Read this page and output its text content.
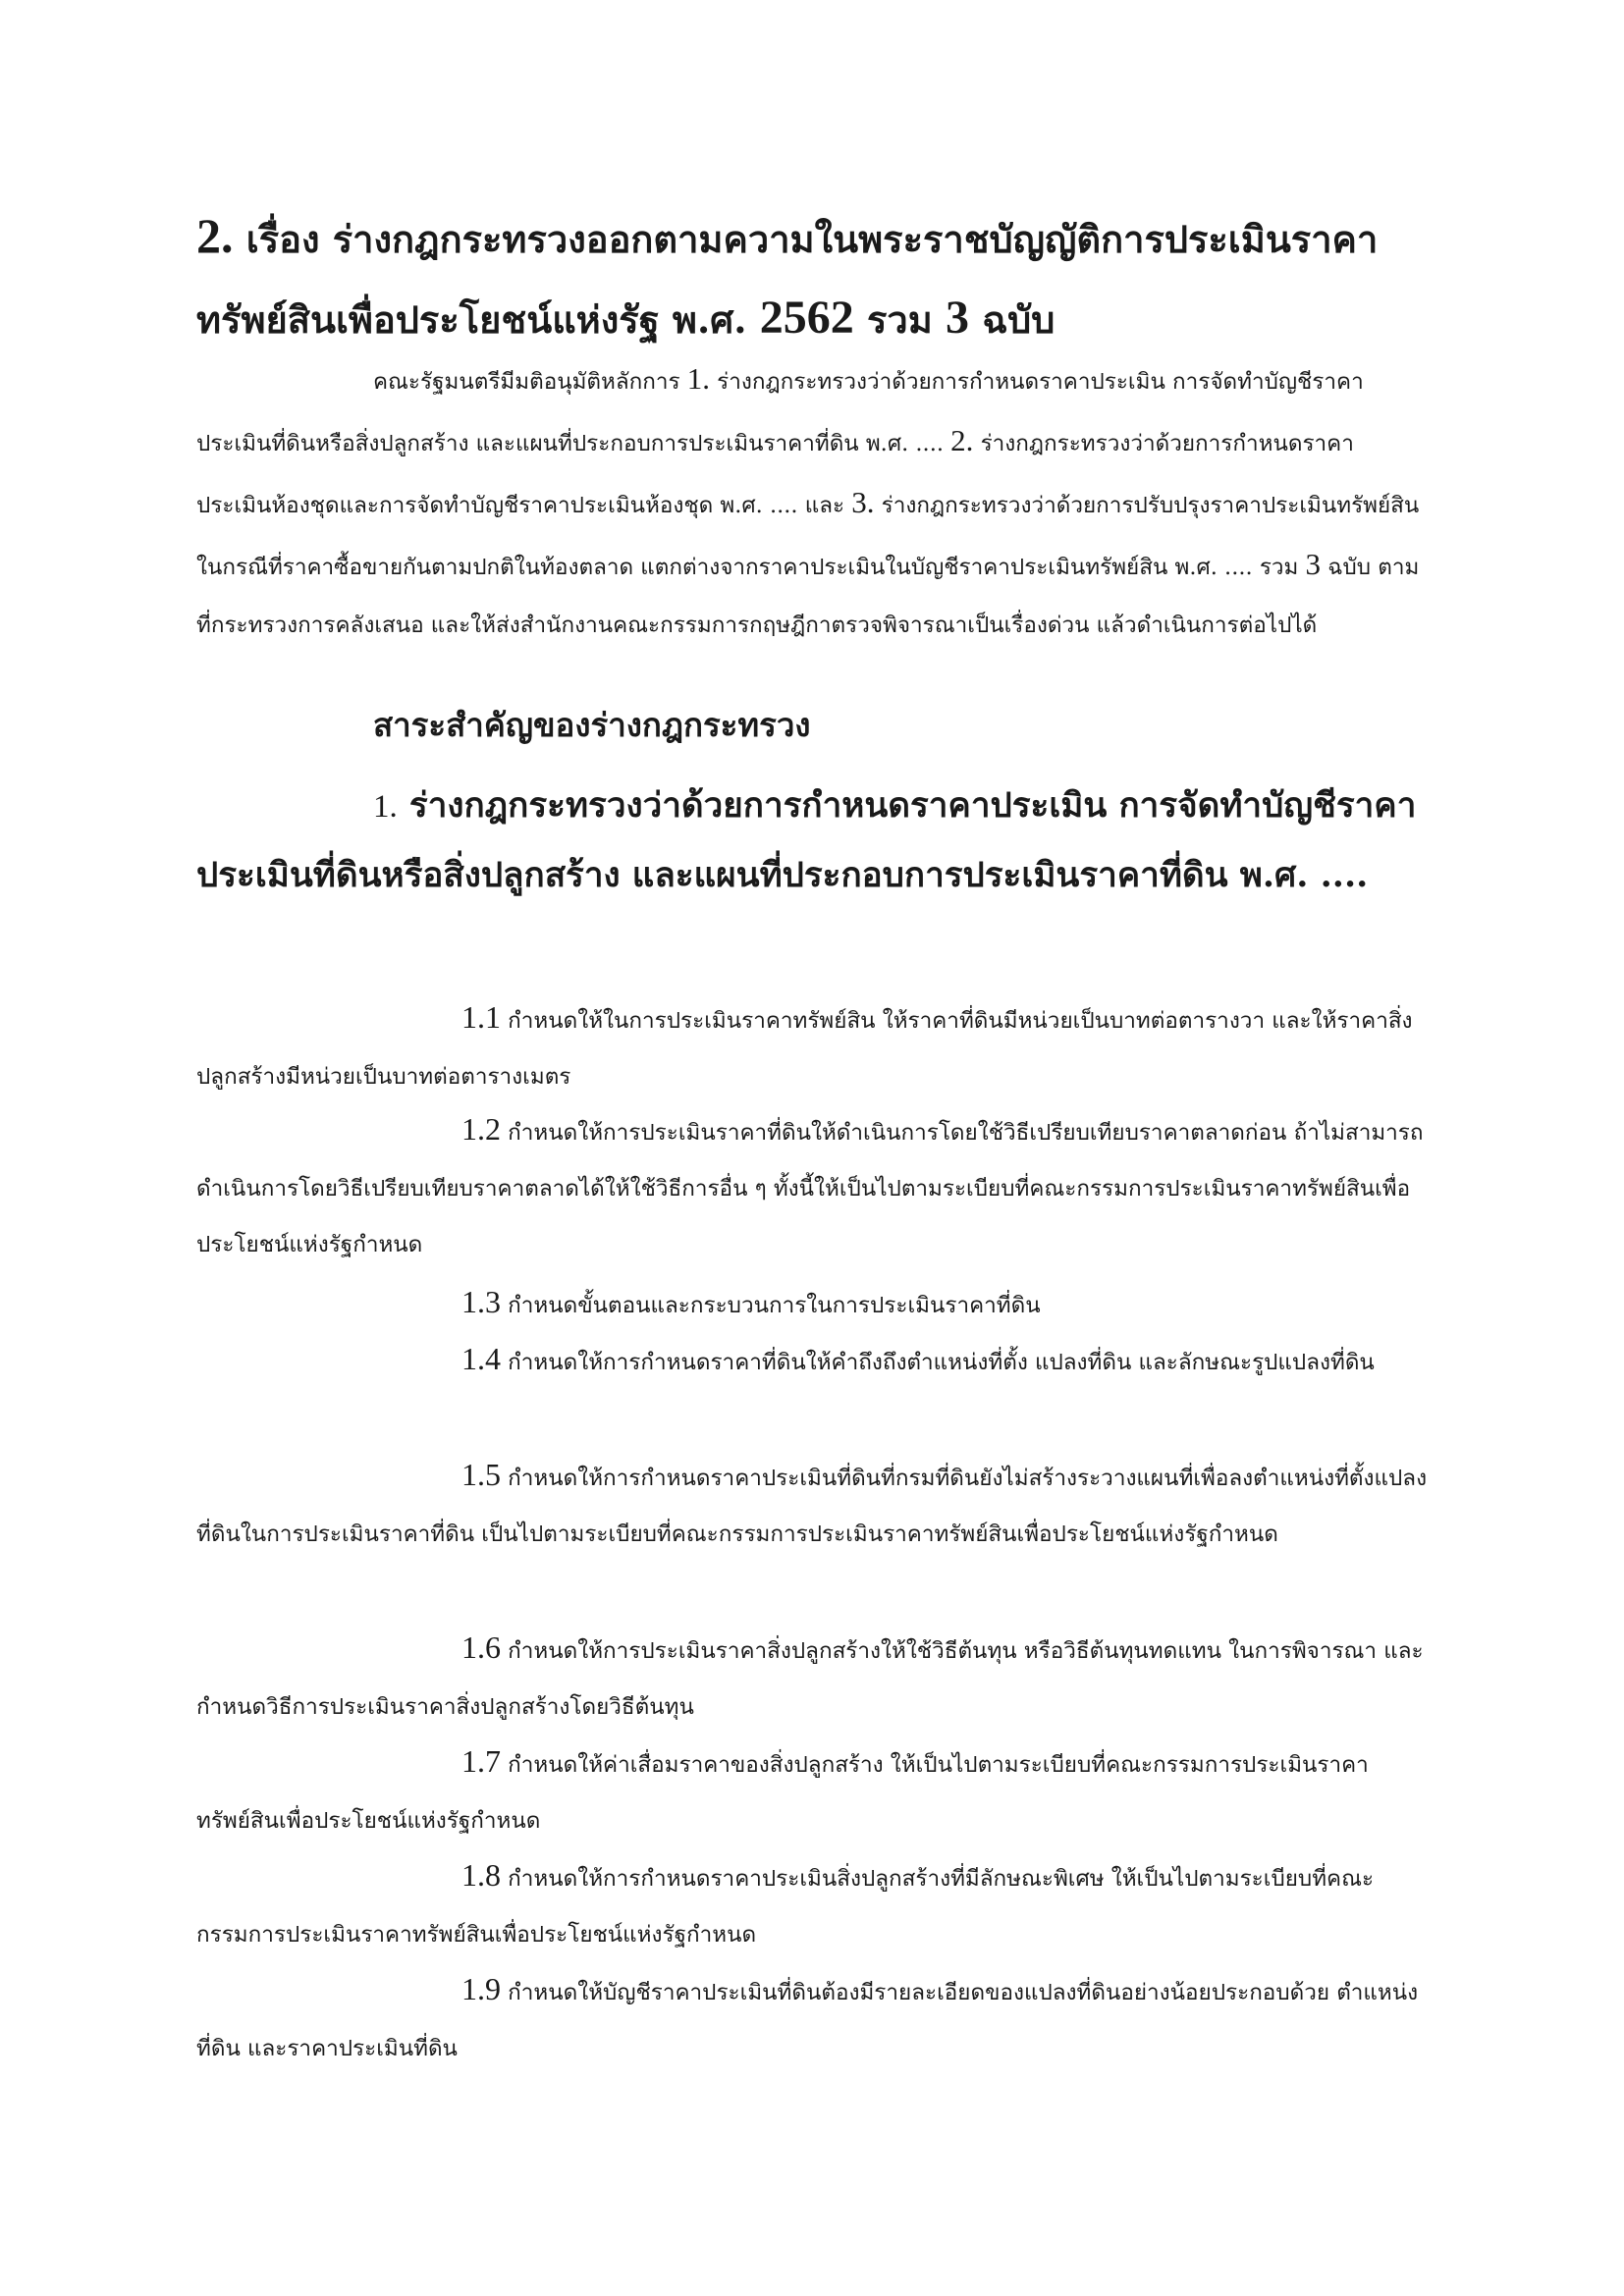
2. เรื่อง ร่างกฎกระทรวงออกตามความในพระราชบัญญัติการประเมินราคา
ทรัพย์สินเพื่อประโยชน์แห่งรัฐ พ.ศ. 2562 รวม 3 ฉบับ

คณะรัฐมนตรีมีมติอนุมัติหลักการ 1. ร่างกฎกระทรวงว่าด้วยการกำหนดราคาประเมิน การจัดทำบัญชีราคาประเมินที่ดินหรือสิ่งปลูกสร้าง และแผนที่ประกอบการประเมินราคาที่ดิน พ.ศ. .... 2. ร่างกฎกระทรวงว่าด้วยการกำหนดราคาประเมินห้องชุดและการจัดทำบัญชีราคาประเมินห้องชุด พ.ศ. .... และ 3. ร่างกฎกระทรวงว่าด้วยการปรับปรุงราคาประเมินทรัพย์สิน ในกรณีที่ราคาซื้อขายกันตามปกติในท้องตลาด แตกต่างจากราคาประเมินในบัญชีราคาประเมินทรัพย์สิน พ.ศ. .... รวม 3 ฉบับ ตามที่กระทรวงการคลังเสนอ และให้ส่งสำนักงานคณะกรรมการกฤษฎีกาตรวจพิจารณาเป็นเรื่องด่วน แล้วดำเนินการต่อไปได้

สาระสำคัญของร่างกฎกระทรวง

1. ร่างกฎกระทรวงว่าด้วยการกำหนดราคาประเมิน การจัดทำบัญชีราคาประเมินที่ดินหรือสิ่งปลูกสร้าง และแผนที่ประกอบการประเมินราคาที่ดิน พ.ศ. ....

1.1 กำหนดให้ในการประเมินราคาทรัพย์สิน ให้ราคาที่ดินมีหน่วยเป็นบาทต่อตารางวา และให้ราคาสิ่งปลูกสร้างมีหน่วยเป็นบาทต่อตารางเมตร

1.2 กำหนดให้การประเมินราคาที่ดินให้ดำเนินการโดยใช้วิธีเปรียบเทียบราคาตลาดก่อน ถ้าไม่สามารถดำเนินการโดยวิธีเปรียบเทียบราคาตลาดได้ให้ใช้วิธีการอื่น ๆ ทั้งนี้ให้เป็นไปตามระเบียบที่คณะกรรมการประเมินราคาทรัพย์สินเพื่อประโยชน์แห่งรัฐกำหนด

1.3 กำหนดขั้นตอนและกระบวนการในการประเมินราคาที่ดิน

1.4 กำหนดให้การกำหนดราคาที่ดินให้คำถึงถึงตำแหน่งที่ตั้ง แปลงที่ดิน และลักษณะรูปแปลงที่ดิน

1.5 กำหนดให้การกำหนดราคาประเมินที่ดินที่กรมที่ดินยังไม่สร้างระวางแผนที่เพื่อลงตำแหน่งที่ตั้งแปลงที่ดินในการประเมินราคาที่ดิน เป็นไปตามระเบียบที่คณะกรรมการประเมินราคาทรัพย์สินเพื่อประโยชน์แห่งรัฐกำหนด

1.6 กำหนดให้การประเมินราคาสิ่งปลูกสร้างให้ใช้วิธีต้นทุน หรือวิธีต้นทุนทดแทน ในการพิจารณา และกำหนดวิธีการประเมินราคาสิ่งปลูกสร้างโดยวิธีต้นทุน

1.7 กำหนดให้ค่าเสื่อมราคาของสิ่งปลูกสร้าง ให้เป็นไปตามระเบียบที่คณะกรรมการประเมินราคาทรัพย์สินเพื่อประโยชน์แห่งรัฐกำหนด

1.8 กำหนดให้การกำหนดราคาประเมินสิ่งปลูกสร้างที่มีลักษณะพิเศษ ให้เป็นไปตามระเบียบที่คณะกรรมการประเมินราคาทรัพย์สินเพื่อประโยชน์แห่งรัฐกำหนด

1.9 กำหนดให้บัญชีราคาประเมินที่ดินต้องมีรายละเอียดของแปลงที่ดินอย่างน้อยประกอบด้วย ตำแหน่งที่ดิน และราคาประเมินที่ดิน
